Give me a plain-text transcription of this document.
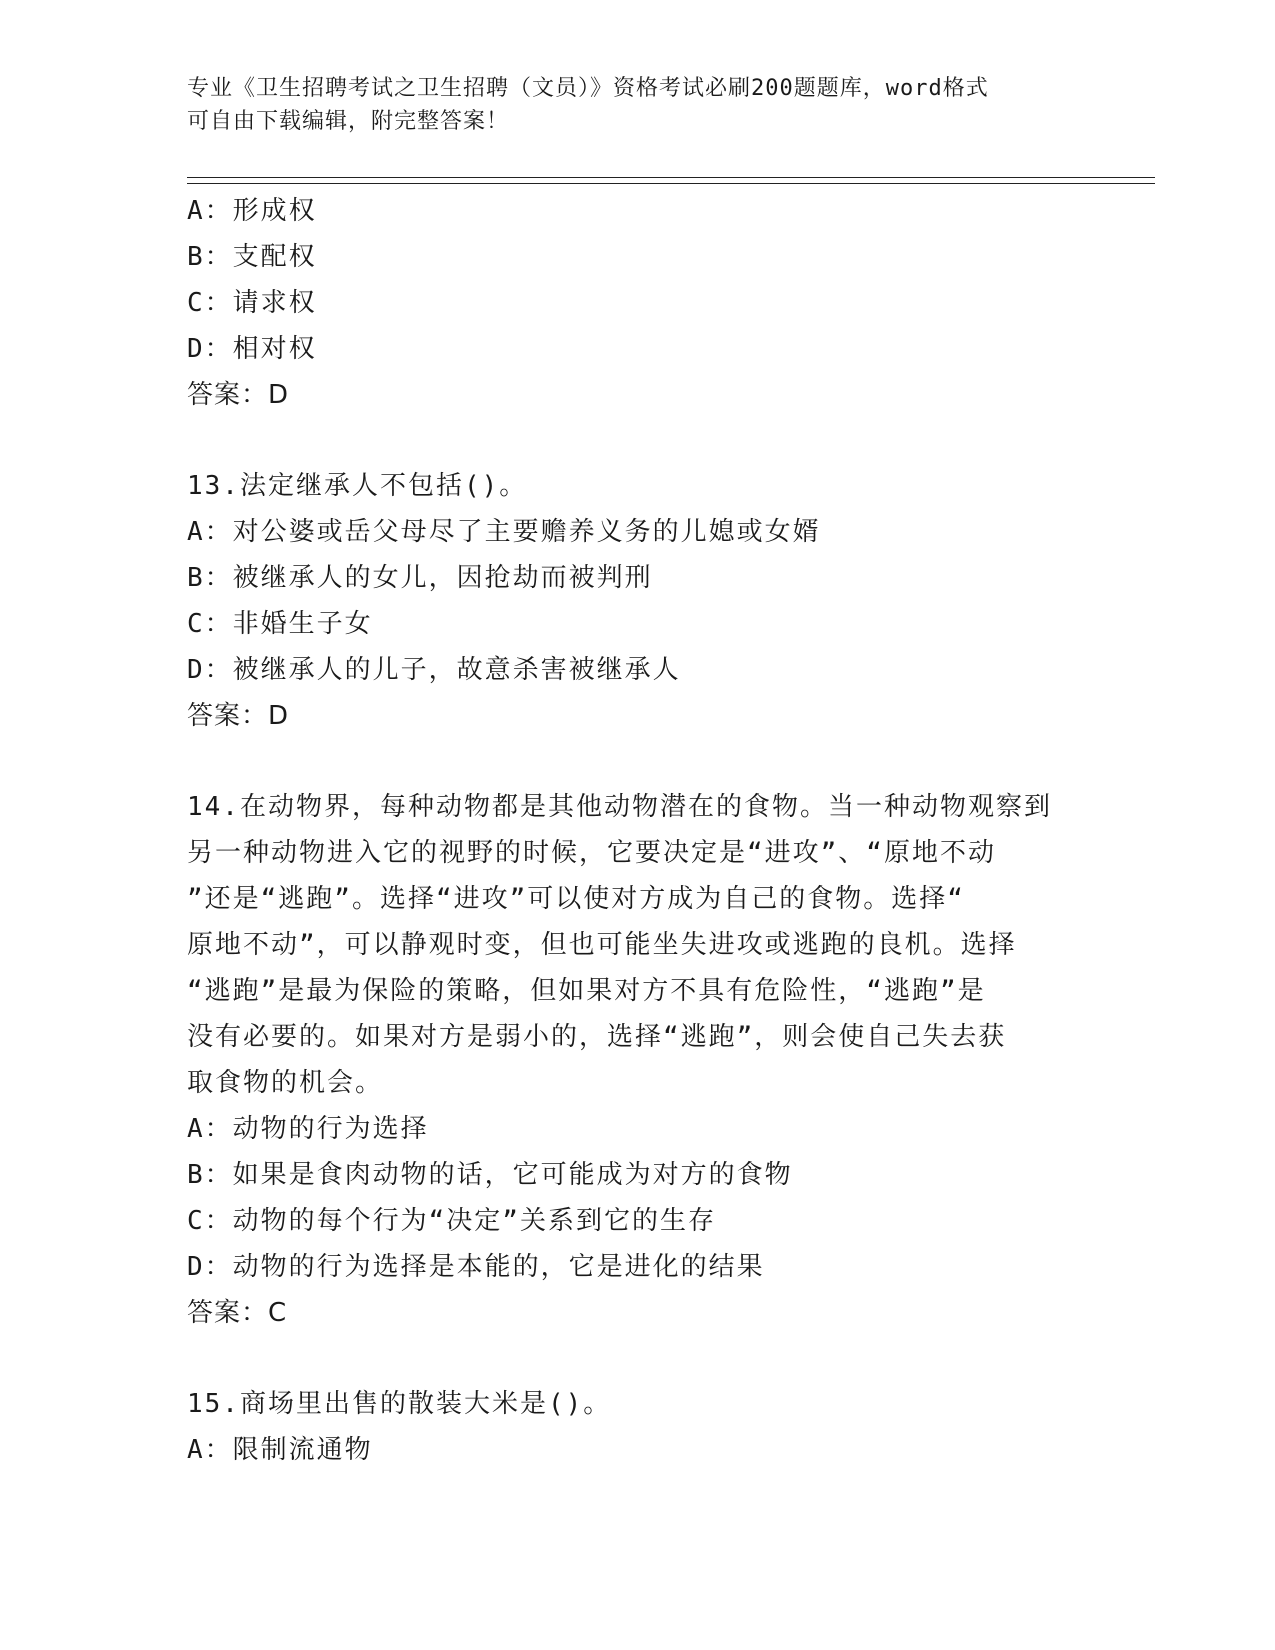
专业《卫生招聘考试之卫生招聘（文员）》资格考试必刷200题题库，word格式
可自由下载编辑，附完整答案！
A：形成权
B：支配权
C：请求权
D：相对权
答案：D
13.法定继承人不包括()。
A：对公婆或岳父母尽了主要赡养义务的儿媳或女婿
B：被继承人的女儿，因抢劫而被判刑
C：非婚生子女
D：被继承人的儿子，故意杀害被继承人
答案：D
14.在动物界，每种动物都是其他动物潜在的食物。当一种动物观察到
另一种动物进入它的视野的时候，它要决定是“进攻”、“原地不动
”还是“逃跑”。选择“进攻”可以使对方成为自己的食物。选择“
原地不动”，可以静观时变，但也可能坐失进攻或逃跑的良机。选择
“逃跑”是最为保险的策略，但如果对方不具有危险性，“逃跑”是
没有必要的。如果对方是弱小的，选择“逃跑”，则会使自己失去获
取食物的机会。
A：动物的行为选择
B：如果是食肉动物的话，它可能成为对方的食物
C：动物的每个行为“决定”关系到它的生存
D：动物的行为选择是本能的，它是进化的结果
答案：C
15.商场里出售的散装大米是()。
A：限制流通物
